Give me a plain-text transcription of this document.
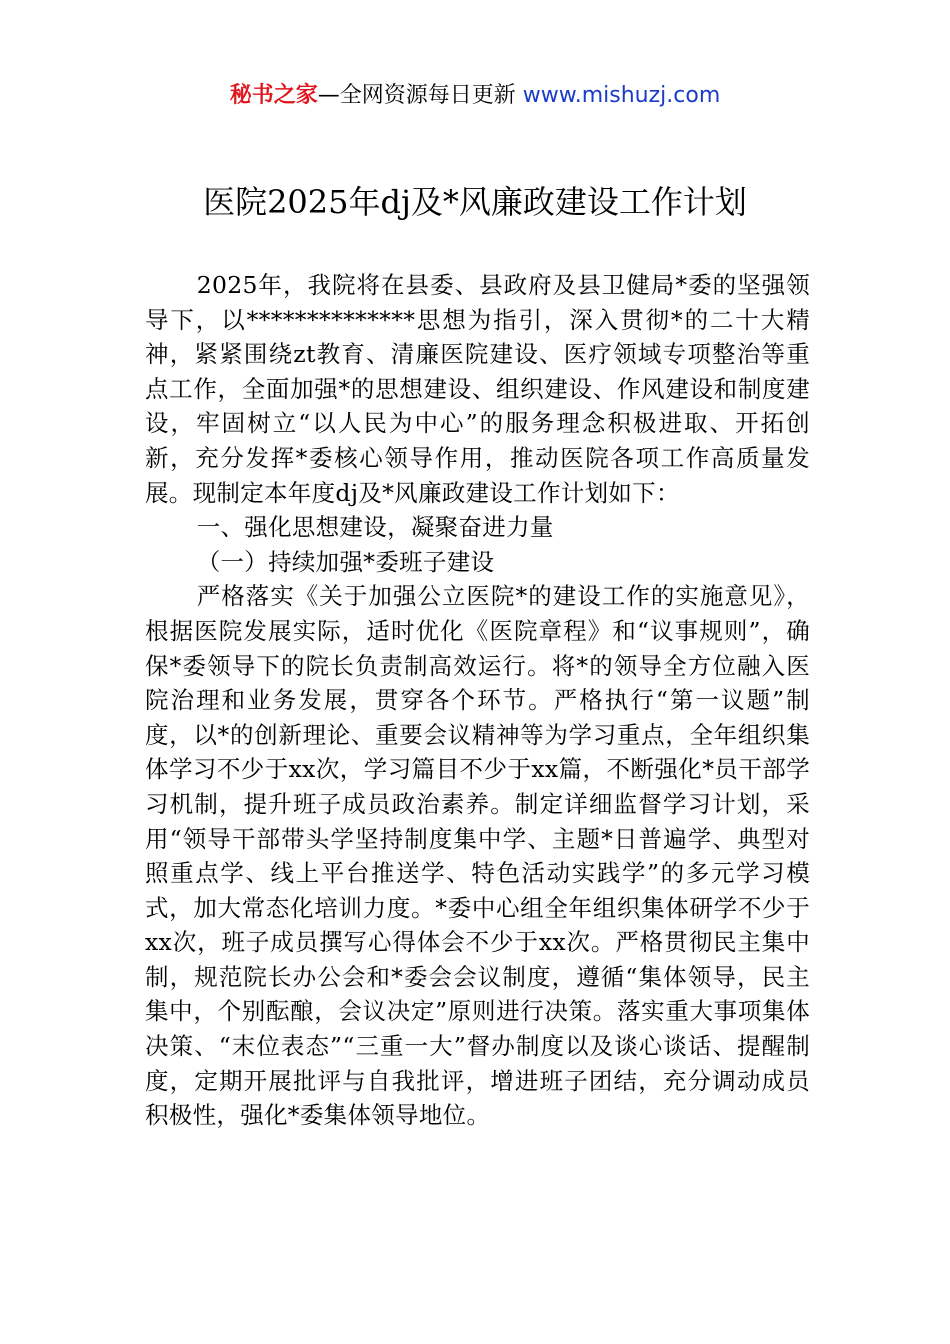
秘书之家—全网资源每日更新 www.mishuzj.com
医院2025年dj及*风廉政建设工作计划

2025年，我院将在县委、县政府及县卫健局*委的坚强领导下，以**************思想为指引，深入贯彻*的二十大精神，紧紧围绕zt教育、清廉医院建设、医疗领域专项整治等重点工作，全面加强*的思想建设、组织建设、作风建设和制度建设，牢固树立“以人民为中心”的服务理念积极进取、开拓创新，充分发挥*委核心领导作用，推动医院各项工作高质量发展。现制定本年度dj及*风廉政建设工作计划如下：

一、强化思想建设，凝聚奋进力量

（一）持续加强*委班子建设

严格落实《关于加强公立医院*的建设工作的实施意见》，根据医院发展实际，适时优化《医院章程》和“议事规则”，确保*委领导下的院长负责制高效运行。将*的领导全方位融入医院治理和业务发展，贯穿各个环节。严格执行“第一议题”制度，以*的创新理论、重要会议精神等为学习重点，全年组织集体学习不少于xx次，学习篇目不少于xx篇，不断强化*员干部学习机制，提升班子成员政治素养。制定详细监督学习计划，采用“领导干部带头学坚持制度集中学、主题*日普遍学、典型对照重点学、线上平台推送学、特色活动实践学”的多元学习模式，加大常态化培训力度。*委中心组全年组织集体研学不少于xx次，班子成员撰写心得体会不少于xx次。严格贯彻民主集中制，规范院长办公会和*委会会议制度，遵循“集体领导，民主集中，个别酝酿，会议决定”原则进行决策。落实重大事项集体决策、“末位表态”“三重一大”督办制度以及谈心谈话、提醒制度，定期开展批评与自我批评，增进班子团结，充分调动成员积极性，强化*委集体领导地位。
